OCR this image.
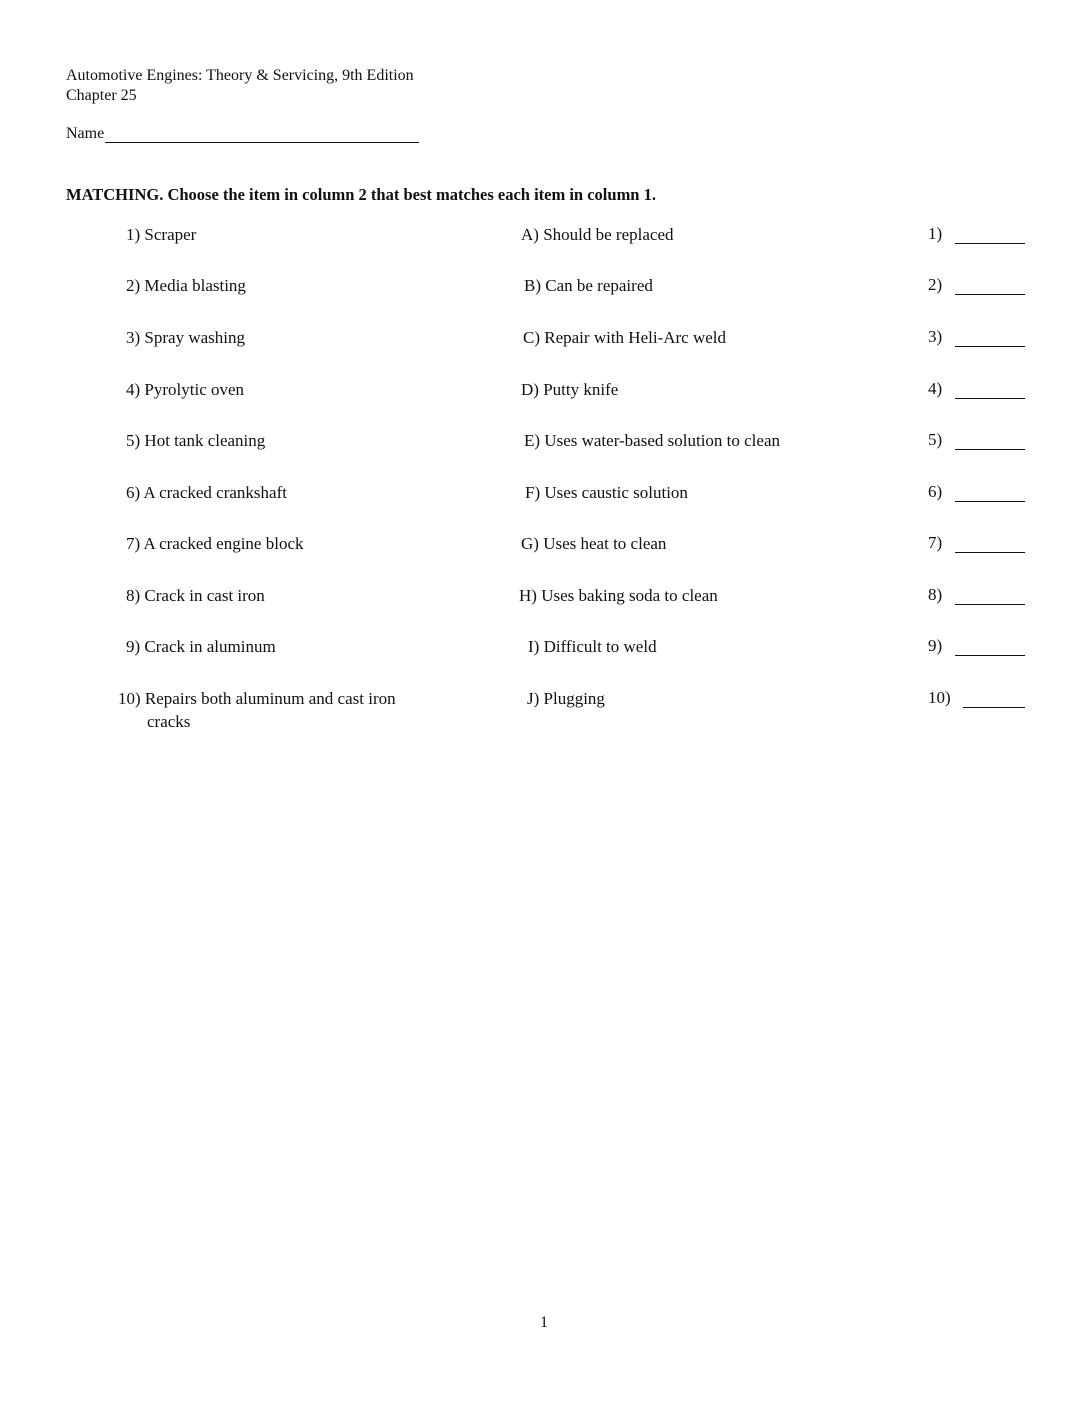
Automotive Engines: Theory & Servicing, 9th Edition
Chapter 25
Name
MATCHING. Choose the item in column 2 that best matches each item in column 1.
1) Scraper
2) Media blasting
3) Spray washing
4) Pyrolytic oven
5) Hot tank cleaning
6) A cracked crankshaft
7) A cracked engine block
8) Crack in cast iron
9) Crack in aluminum
10) Repairs both aluminum and cast iron
cracks
A) Should be replaced
B) Can be repaired
C) Repair with Heli-Arc weld
D) Putty knife
E) Uses water-based solution to clean
F) Uses caustic solution
G) Uses heat to clean
H) Uses baking soda to clean
I) Difficult to weld
J) Plugging
1)
2)
3)
4)
5)
6)
7)
8)
9)
10)
1
